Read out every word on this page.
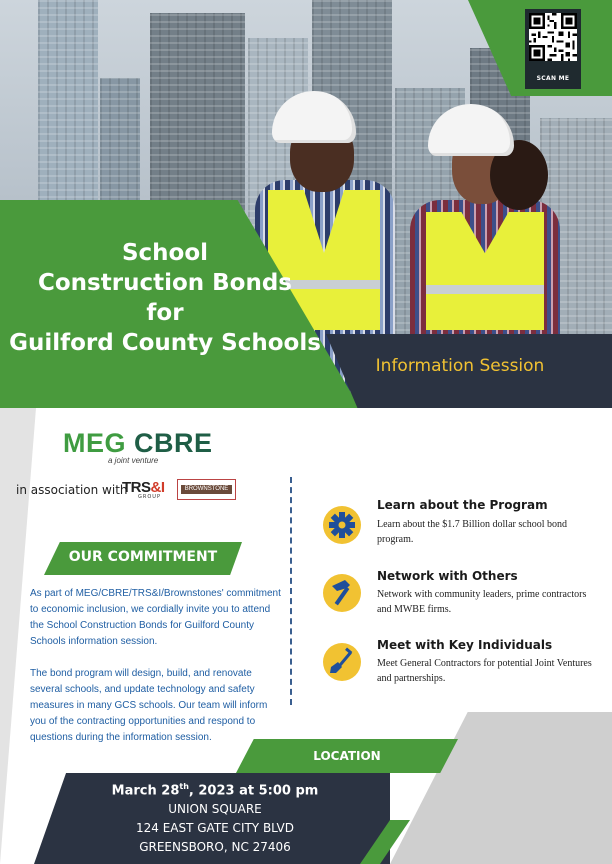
SCAN ME
School
Construction Bonds
for
Guilford County Schools
Information Session
MEG CBRE
a joint venture
in association with
TRS&I
GROUP
BROWNSTONE
OUR COMMITMENT

As part of MEG/CBRE/TRS&I/Brownstones' commitment to economic inclusion, we cordially invite you to attend the School Construction Bonds for Guilford County Schools information session.

The bond program will design, build, and renovate several schools, and update technology and safety measures in many GCS schools. Our team will inform you of the contracting opportunities and respond to questions during the information session.

Learn about the Program

Learn about the $1.7 Billion dollar school bond program.

Network with Others

Network with community leaders, prime contractors and MWBE firms.

Meet with Key Individuals

Meet General Contractors for potential Joint Ventures and partnerships.

LOCATION
March 28th, 2023 at 5:00 pm
UNION SQUARE
124 EAST GATE CITY BLVD
GREENSBORO, NC 27406
